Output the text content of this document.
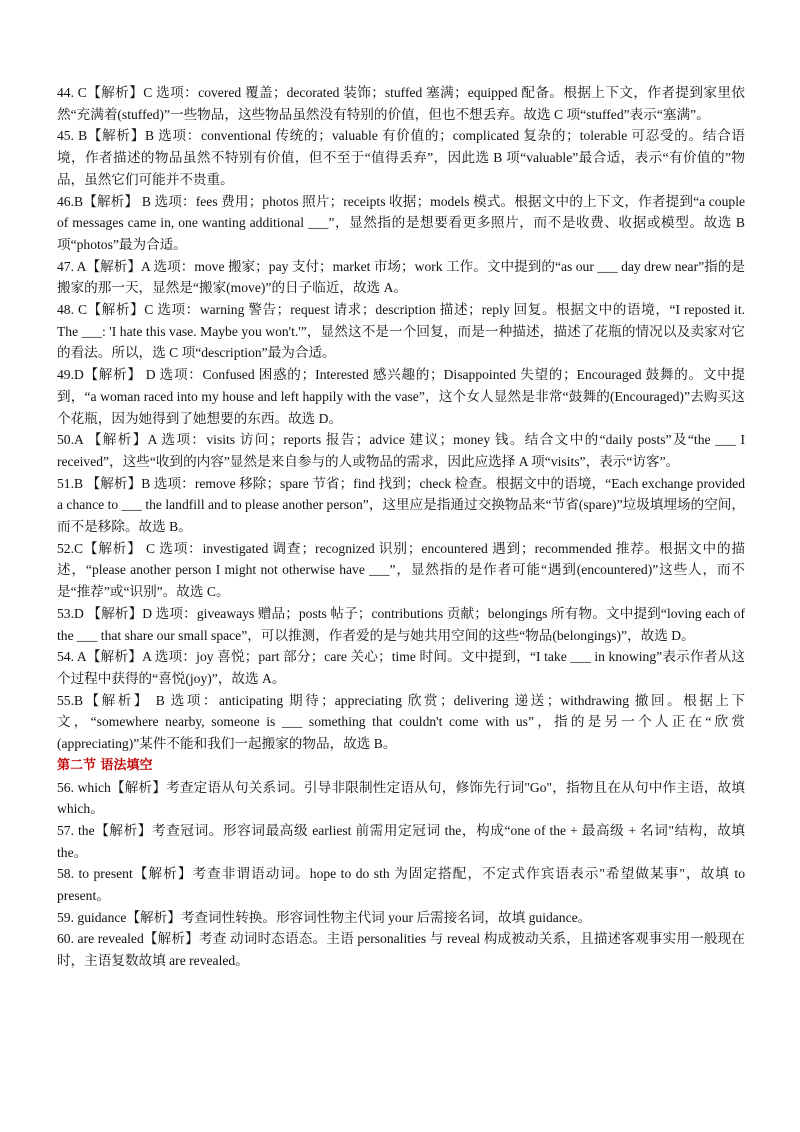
44. C【解析】C 选项：covered 覆盖；decorated 装饰；stuffed 塞满；equipped 配备。根据上下文，作者提到家里依然“充满着(stuffed)”一些物品，这些物品虽然没有特别的价值，但也不想丢弃。故选 C 项“stuffed”表示“塞满”。

45. B【解析】B 选项：conventional 传统的；valuable 有价值的；complicated 复杂的；tolerable 可忍受的。结合语境，作者描述的物品虽然不特别有价值，但不至于“值得丢弃”，因此选 B 项“valuable”最合适，表示“有价值的”物品，虽然它们可能并不贵重。

46.B【解析】 B 选项：fees 费用；photos 照片；receipts 收据；models 模式。根据文中的上下文，作者提到“a couple of messages came in, one wanting additional ___”，显然指的是想要看更多照片，而不是收费、收据或模型。故选 B 项“photos”最为合适。

47. A【解析】A 选项：move 搬家；pay 支付；market 市场；work 工作。文中提到的“as our ___ day drew near”指的是搬家的那一天，显然是“搬家(move)”的日子临近，故选 A。

48. C【解析】C 选项：warning 警告；request 请求；description 描述；reply 回复。根据文中的语境，“I reposted it. The ___: 'I hate this vase. Maybe you won't.'”，显然这不是一个回复，而是一种描述，描述了花瓶的情况以及卖家对它的看法。所以，选 C 项“description”最为合适。

49.D【解析】 D 选项：Confused 困惑的；Interested 感兴趣的；Disappointed 失望的；Encouraged 鼓舞的。文中提到，“a woman raced into my house and left happily with the vase”，这个女人显然是非常“鼓舞的(Encouraged)”去购买这个花瓶，因为她得到了她想要的东西。故选 D。

50.A 【解析】A 选项：visits 访问；reports 报告；advice 建议；money 钱。结合文中的“daily posts”及“the ___ I received”，这些“收到的内容”显然是来自参与的人或物品的需求，因此应选择 A 项“visits”，表示“访客”。

51.B 【解析】B 选项：remove 移除；spare 节省；find 找到；check 检查。根据文中的语境，“Each exchange provided a chance to ___ the landfill and to please another person”，这里应是指通过交换物品来“节省(spare)”垃圾填埋场的空间，而不是移除。故选 B。

52.C【解析】 C 选项：investigated 调查；recognized 识别；encountered 遇到；recommended 推荐。根据文中的描述，“please another person I might not otherwise have ___”，显然指的是作者可能“遇到(encountered)”这些人，而不是“推荐”或“识别”。故选 C。

53.D 【解析】D 选项：giveaways 赠品；posts 帖子；contributions 贡献；belongings 所有物。文中提到“loving each of the ___ that share our small space”，可以推测，作者爱的是与她共用空间的这些“物品(belongings)”，故选 D。

54. A【解析】A 选项：joy 喜悦；part 部分；care 关心；time 时间。文中提到，“I take ___ in knowing”表示作者从这个过程中获得的“喜悦(joy)”，故选 A。

55.B【解析】 B 选项：anticipating 期待；appreciating 欣赏；delivering 递送；withdrawing 撤回。根据上下文，“somewhere nearby, someone is ___ something that couldn't come with us”，指的是另一个人正在“欣赏(appreciating)”某件不能和我们一起搬家的物品，故选 B。

第二节 语法填空

56. which【解析】考查定语从句关系词。引导非限制性定语从句，修饰先行词"Go"，指物且在从句中作主语，故填 which。

57. the【解析】考查冠词。形容词最高级 earliest 前需用定冠词 the，构成“one of the + 最高级 + 名词"结构，故填 the。

58. to present【解析】考查非谓语动词。hope to do sth 为固定搭配，不定式作宾语表示"希望做某事"，故填 to present。

59. guidance【解析】考查词性转换。形容词性物主代词 your 后需接名词，故填 guidance。

60. are revealed【解析】考查 动词时态语态。主语 personalities 与 reveal 构成被动关系，且描述客观事实用一般现在时，主语复数故填 are revealed。
